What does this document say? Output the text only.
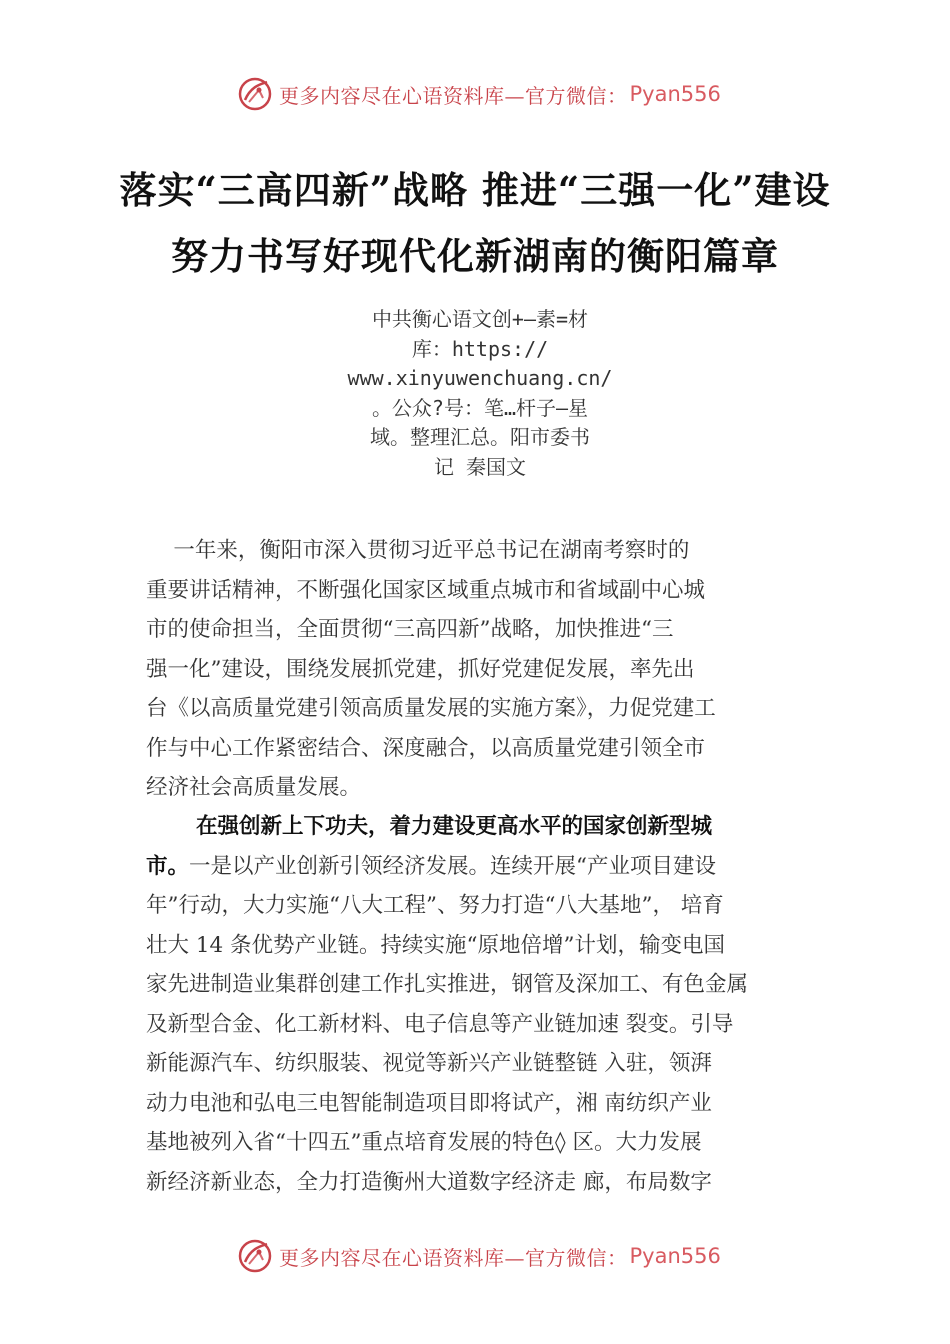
更多内容尽在心语资料库—官方微信： Pyan556
落实“三高四新”战略 推进“三强一化”建设
努力书写好现代化新湖南的衡阳篇章
中共衡心语文创+—素=材
库：https://
www.xinyuwenchuang.cn/
。公众?号：笔…杆子—星
域。整理汇总。阳市委书
记 秦国文
一年来，衡阳市深入贯彻习近平总书记在湖南考察时的
重要讲话精神，不断强化国家区域重点城市和省域副中心城
市的使命担当，全面贯彻“三高四新”战略，加快推进“三
强一化”建设，围绕发展抓党建，抓好党建促发展，率先出
台《以高质量党建引领高质量发展的实施方案》，力促党建工
作与中心工作紧密结合、深度融合，以高质量党建引领全市
经济社会高质量发展。
在强创新上下功夫，着力建设更高水平的国家创新型城
市。一是以产业创新引领经济发展。连续开展“产业项目建设
年”行动，大力实施“八大工程”、努力打造“八大基地”， 培育
壮大 14 条优势产业链。持续实施“原地倍增”计划，输变电国
家先进制造业集群创建工作扎实推进，钢管及深加工、有色金属
及新型合金、化工新材料、电子信息等产业链加速 裂变。引导
新能源汽车、纺织服装、视觉等新兴产业链整链 入驻，领湃
动力电池和弘电三电智能制造项目即将试产，湘 南纺织产业
基地被列入省“十四五”重点培育发展的特色◊ 区。大力发展
新经济新业态，全力打造衡州大道数字经济走 廊，布局数字
更多内容尽在心语资料库—官方微信： Pyan556
